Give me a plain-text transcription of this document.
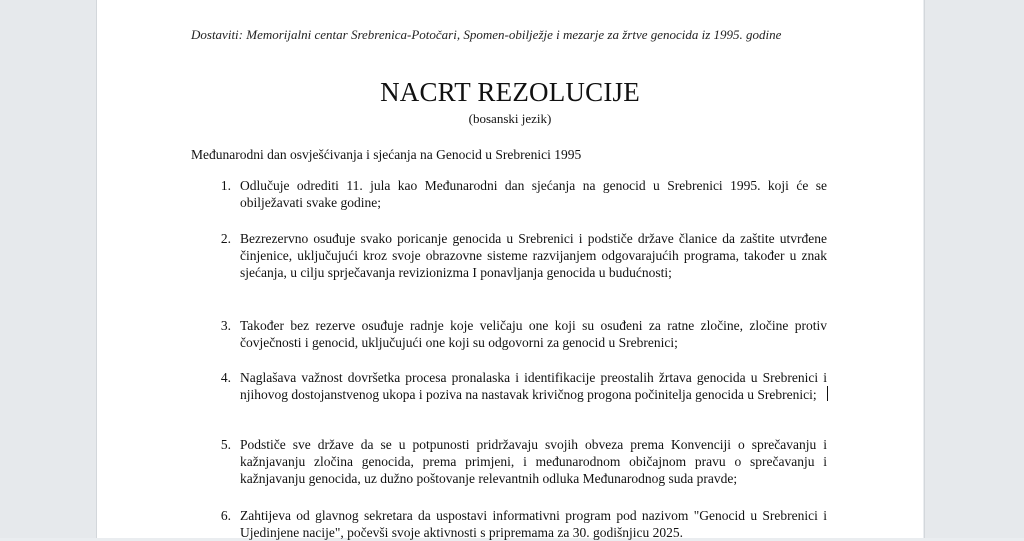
Dostaviti: Memorijalni centar Srebrenica-Potočari, Spomen-obilježje i mezarje za žrtve genocida iz 1995. godine
NACRT REZOLUCIJE
(bosanski jezik)
Međunarodni dan osvješćivanja i sjećanja na Genocid u Srebrenici 1995
1. Odlučuje odrediti 11. jula kao Međunarodni dan sjećanja na genocid u Srebrenici 1995. koji će se obilježavati svake godine;
2. Bezrezervno osuđuje svako poricanje genocida u Srebrenici i podstiče države članice da zaštite utvrđene činjenice, uključujući kroz svoje obrazovne sisteme razvijanjem odgovarajućih programa, također u znak sjećanja, u cilju sprječavanja revizionizma I ponavljanja genocida u budućnosti;
3. Također bez rezerve osuđuje radnje koje veličaju one koji su osuđeni za ratne zločine, zločine protiv čovječnosti i genocid, uključujući one koji su odgovorni za genocid u Srebrenici;
4. Naglašava važnost dovršetka procesa pronalaska i identifikacije preostalih žrtava genocida u Srebrenici i njihovog dostojanstvenog ukopa i poziva na nastavak krivičnog progona počinitelja genocida u Srebrenici;
5. Podstiče sve države da se u potpunosti pridržavaju svojih obveza prema Konvenciji o sprečavanju i kažnjavanju zločina genocida, prema primjeni, i međunarodnom običajnom pravu o sprečavanju i kažnjavanju genocida, uz dužno poštovanje relevantnih odluka Međunarodnog suda pravde;
6. Zahtijeva od glavnog sekretara da uspostavi informativni program pod nazivom "Genocid u Srebrenici i Ujedinjene nacije", počevši svoje aktivnosti s pripremama za 30. godišnjicu 2025.
